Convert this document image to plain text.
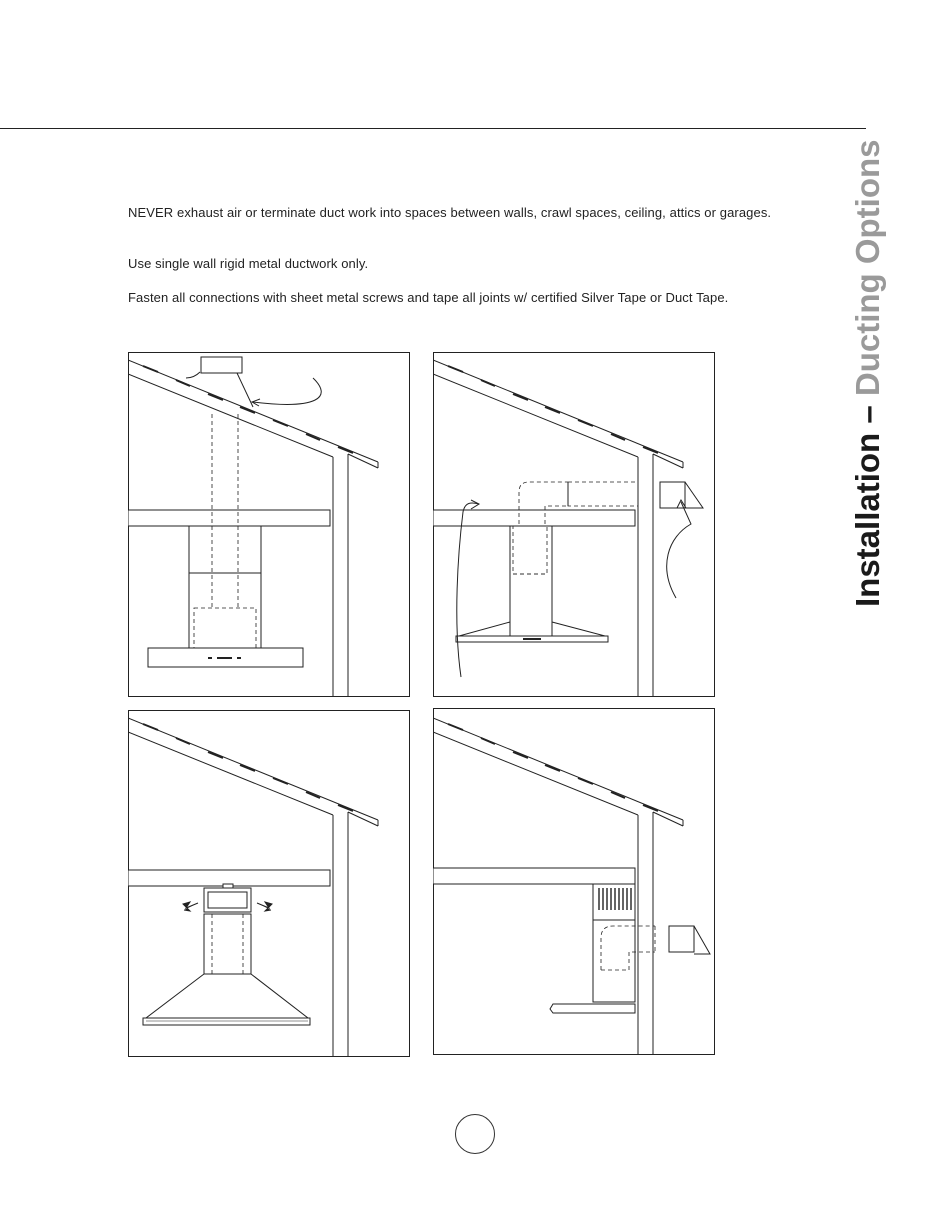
NEVER exhaust air or terminate duct work into spaces between walls, crawl spaces, ceiling, attics or garages.
Use single wall rigid metal ductwork only.
Fasten all connections with sheet metal screws and tape all joints w/ certified Silver Tape or Duct Tape.
Installation – Ducting Options
